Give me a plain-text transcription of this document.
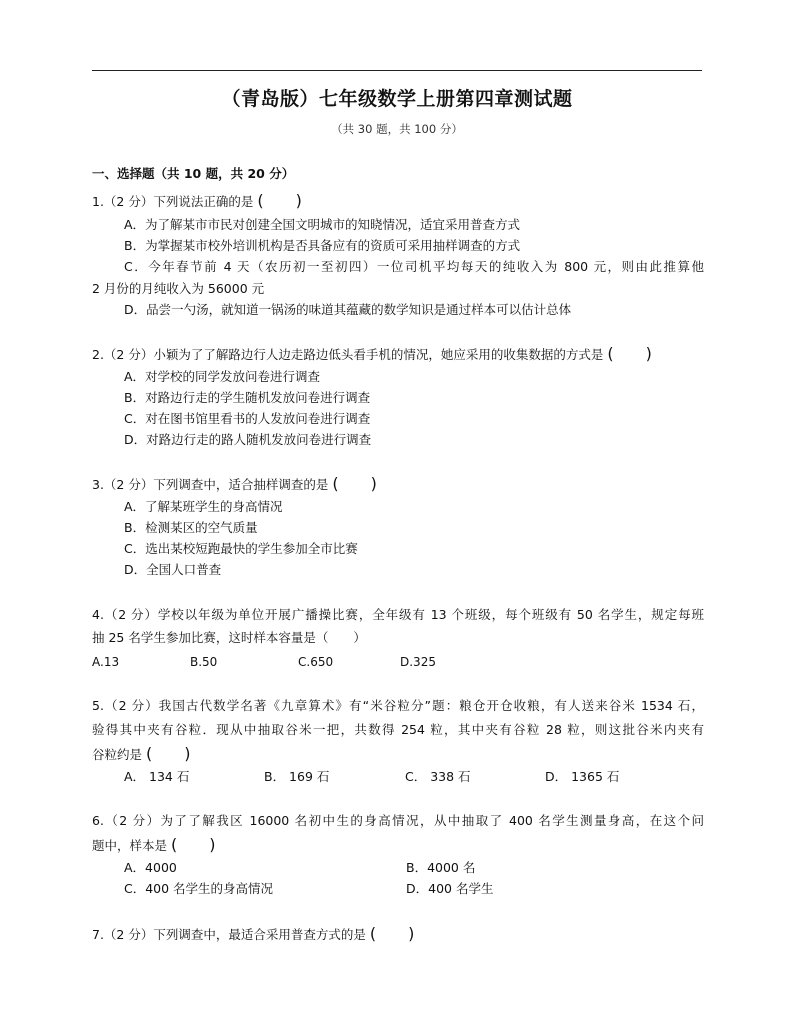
（青岛版）七年级数学上册第四章测试题
（共 30 题，共 100 分）
一、选择题（共 10 题，共 20 分）
1.（2 分）下列说法正确的是 (　　)
A．为了解某市市民对创建全国文明城市的知晓情况，适宜采用普查方式
B．为掌握某市校外培训机构是否具备应有的资质可采用抽样调查的方式
C．今年春节前 4 天（农历初一至初四）一位司机平均每天的纯收入为 800 元，则由此推算他
2 月份的月纯收入为 56000 元
D．品尝一勺汤，就知道一锅汤的味道其蕴藏的数学知识是通过样本可以估计总体
2.（2 分）小颖为了了解路边行人边走路边低头看手机的情况，她应采用的收集数据的方式是 (　　)
A．对学校的同学发放问卷进行调查
B．对路边行走的学生随机发放问卷进行调查
C．对在图书馆里看书的人发放问卷进行调查
D．对路边行走的路人随机发放问卷进行调查
3.（2 分）下列调查中，适合抽样调查的是 (　　)
A．了解某班学生的身高情况
B．检测某区的空气质量
C．选出某校短跑最快的学生参加全市比赛
D．全国人口普查
4.（2 分）学校以年级为单位开展广播操比赛，全年级有 13 个班级，每个班级有 50 名学生，规定每班
抽 25 名学生参加比赛，这时样本容量是（　　）
A.13	B.50	C.650	D.325
5.（2 分）我国古代数学名著《九章算术》有“米谷粒分”题：粮仓开仓收粮，有人送来谷米 1534 石，
验得其中夹有谷粒．现从中抽取谷米一把，共数得 254 粒，其中夹有谷粒 28 粒，则这批谷米内夹有
谷粒约是 (　　)
A． 134 石	B． 169 石	C． 338 石	D． 1365 石
6.（2 分）为了了解我区 16000 名初中生的身高情况，从中抽取了 400 名学生测量身高，在这个问
题中，样本是 (　　)
A．4000	B．4000 名
C．400 名学生的身高情况	D．400 名学生
7.（2 分）下列调查中，最适合采用普查方式的是 (　　)
